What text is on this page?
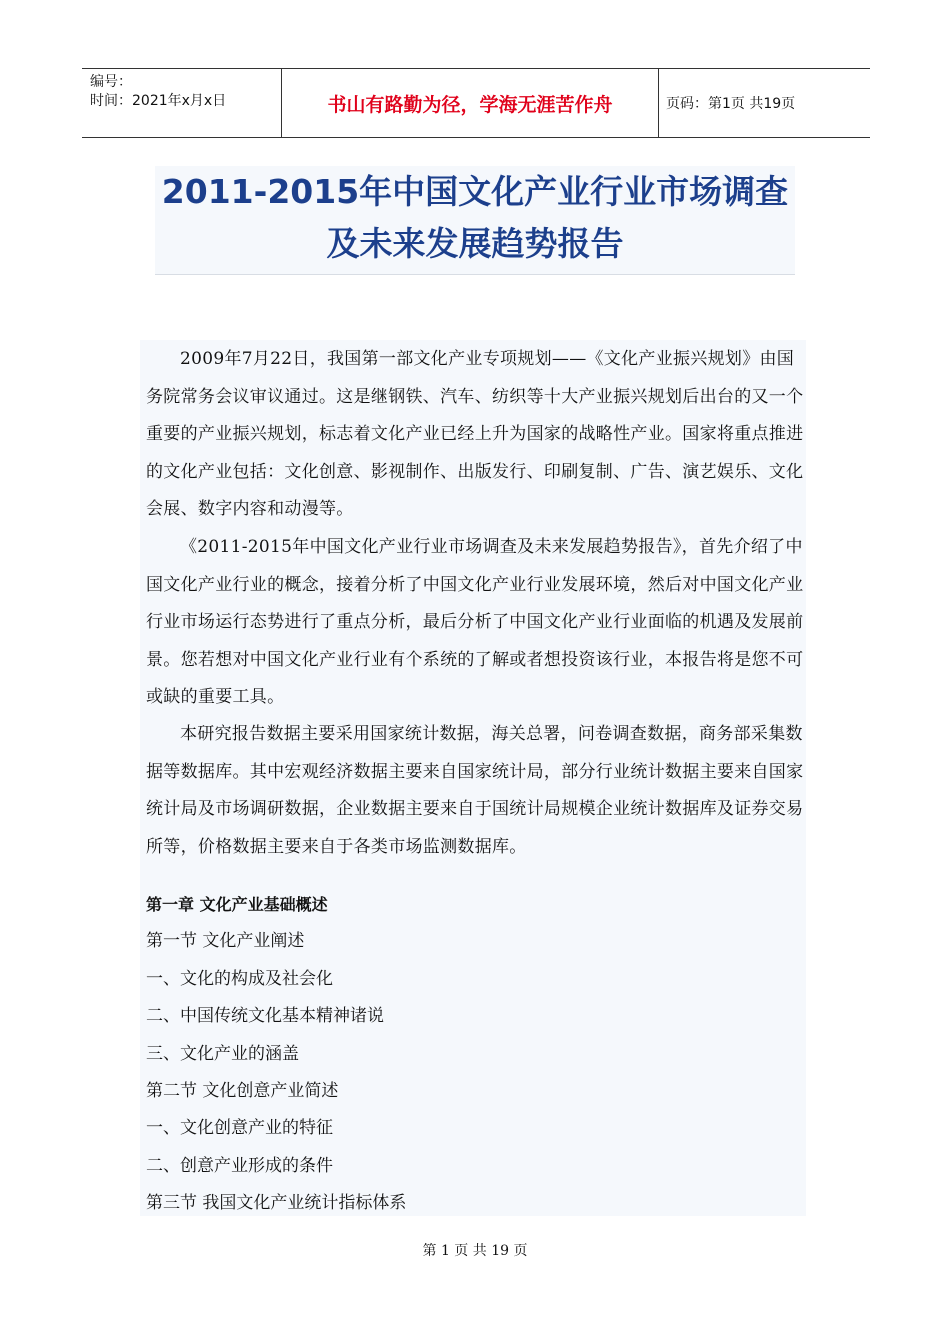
编号：
时间：2021年x月x日	书山有路勤为径，学海无涯苦作舟	页码：第1页 共19页
2011-2015年中国文化产业行业市场调查
及未来发展趋势报告
2009年7月22日，我国第一部文化产业专项规划——《文化产业振兴规划》由国务院常务会议审议通过。这是继钢铁、汽车、纺织等十大产业振兴规划后出台的又一个重要的产业振兴规划，标志着文化产业已经上升为国家的战略性产业。国家将重点推进的文化产业包括：文化创意、影视制作、出版发行、印刷复制、广告、演艺娱乐、文化会展、数字内容和动漫等。
《2011-2015年中国文化产业行业市场调查及未来发展趋势报告》，首先介绍了中国文化产业行业的概念，接着分析了中国文化产业行业发展环境，然后对中国文化产业行业市场运行态势进行了重点分析，最后分析了中国文化产业行业面临的机遇及发展前景。您若想对中国文化产业行业有个系统的了解或者想投资该行业，本报告将是您不可或缺的重要工具。
本研究报告数据主要采用国家统计数据，海关总署，问卷调查数据，商务部采集数据等数据库。其中宏观经济数据主要来自国家统计局，部分行业统计数据主要来自国家统计局及市场调研数据，企业数据主要来自于国统计局规模企业统计数据库及证券交易所等，价格数据主要来自于各类市场监测数据库。
第一章 文化产业基础概述
第一节 文化产业阐述
一、文化的构成及社会化
二、中国传统文化基本精神诸说
三、文化产业的涵盖
第二节 文化创意产业简述
一、文化创意产业的特征
二、创意产业形成的条件
第三节 我国文化产业统计指标体系
第 1 页 共 19 页
